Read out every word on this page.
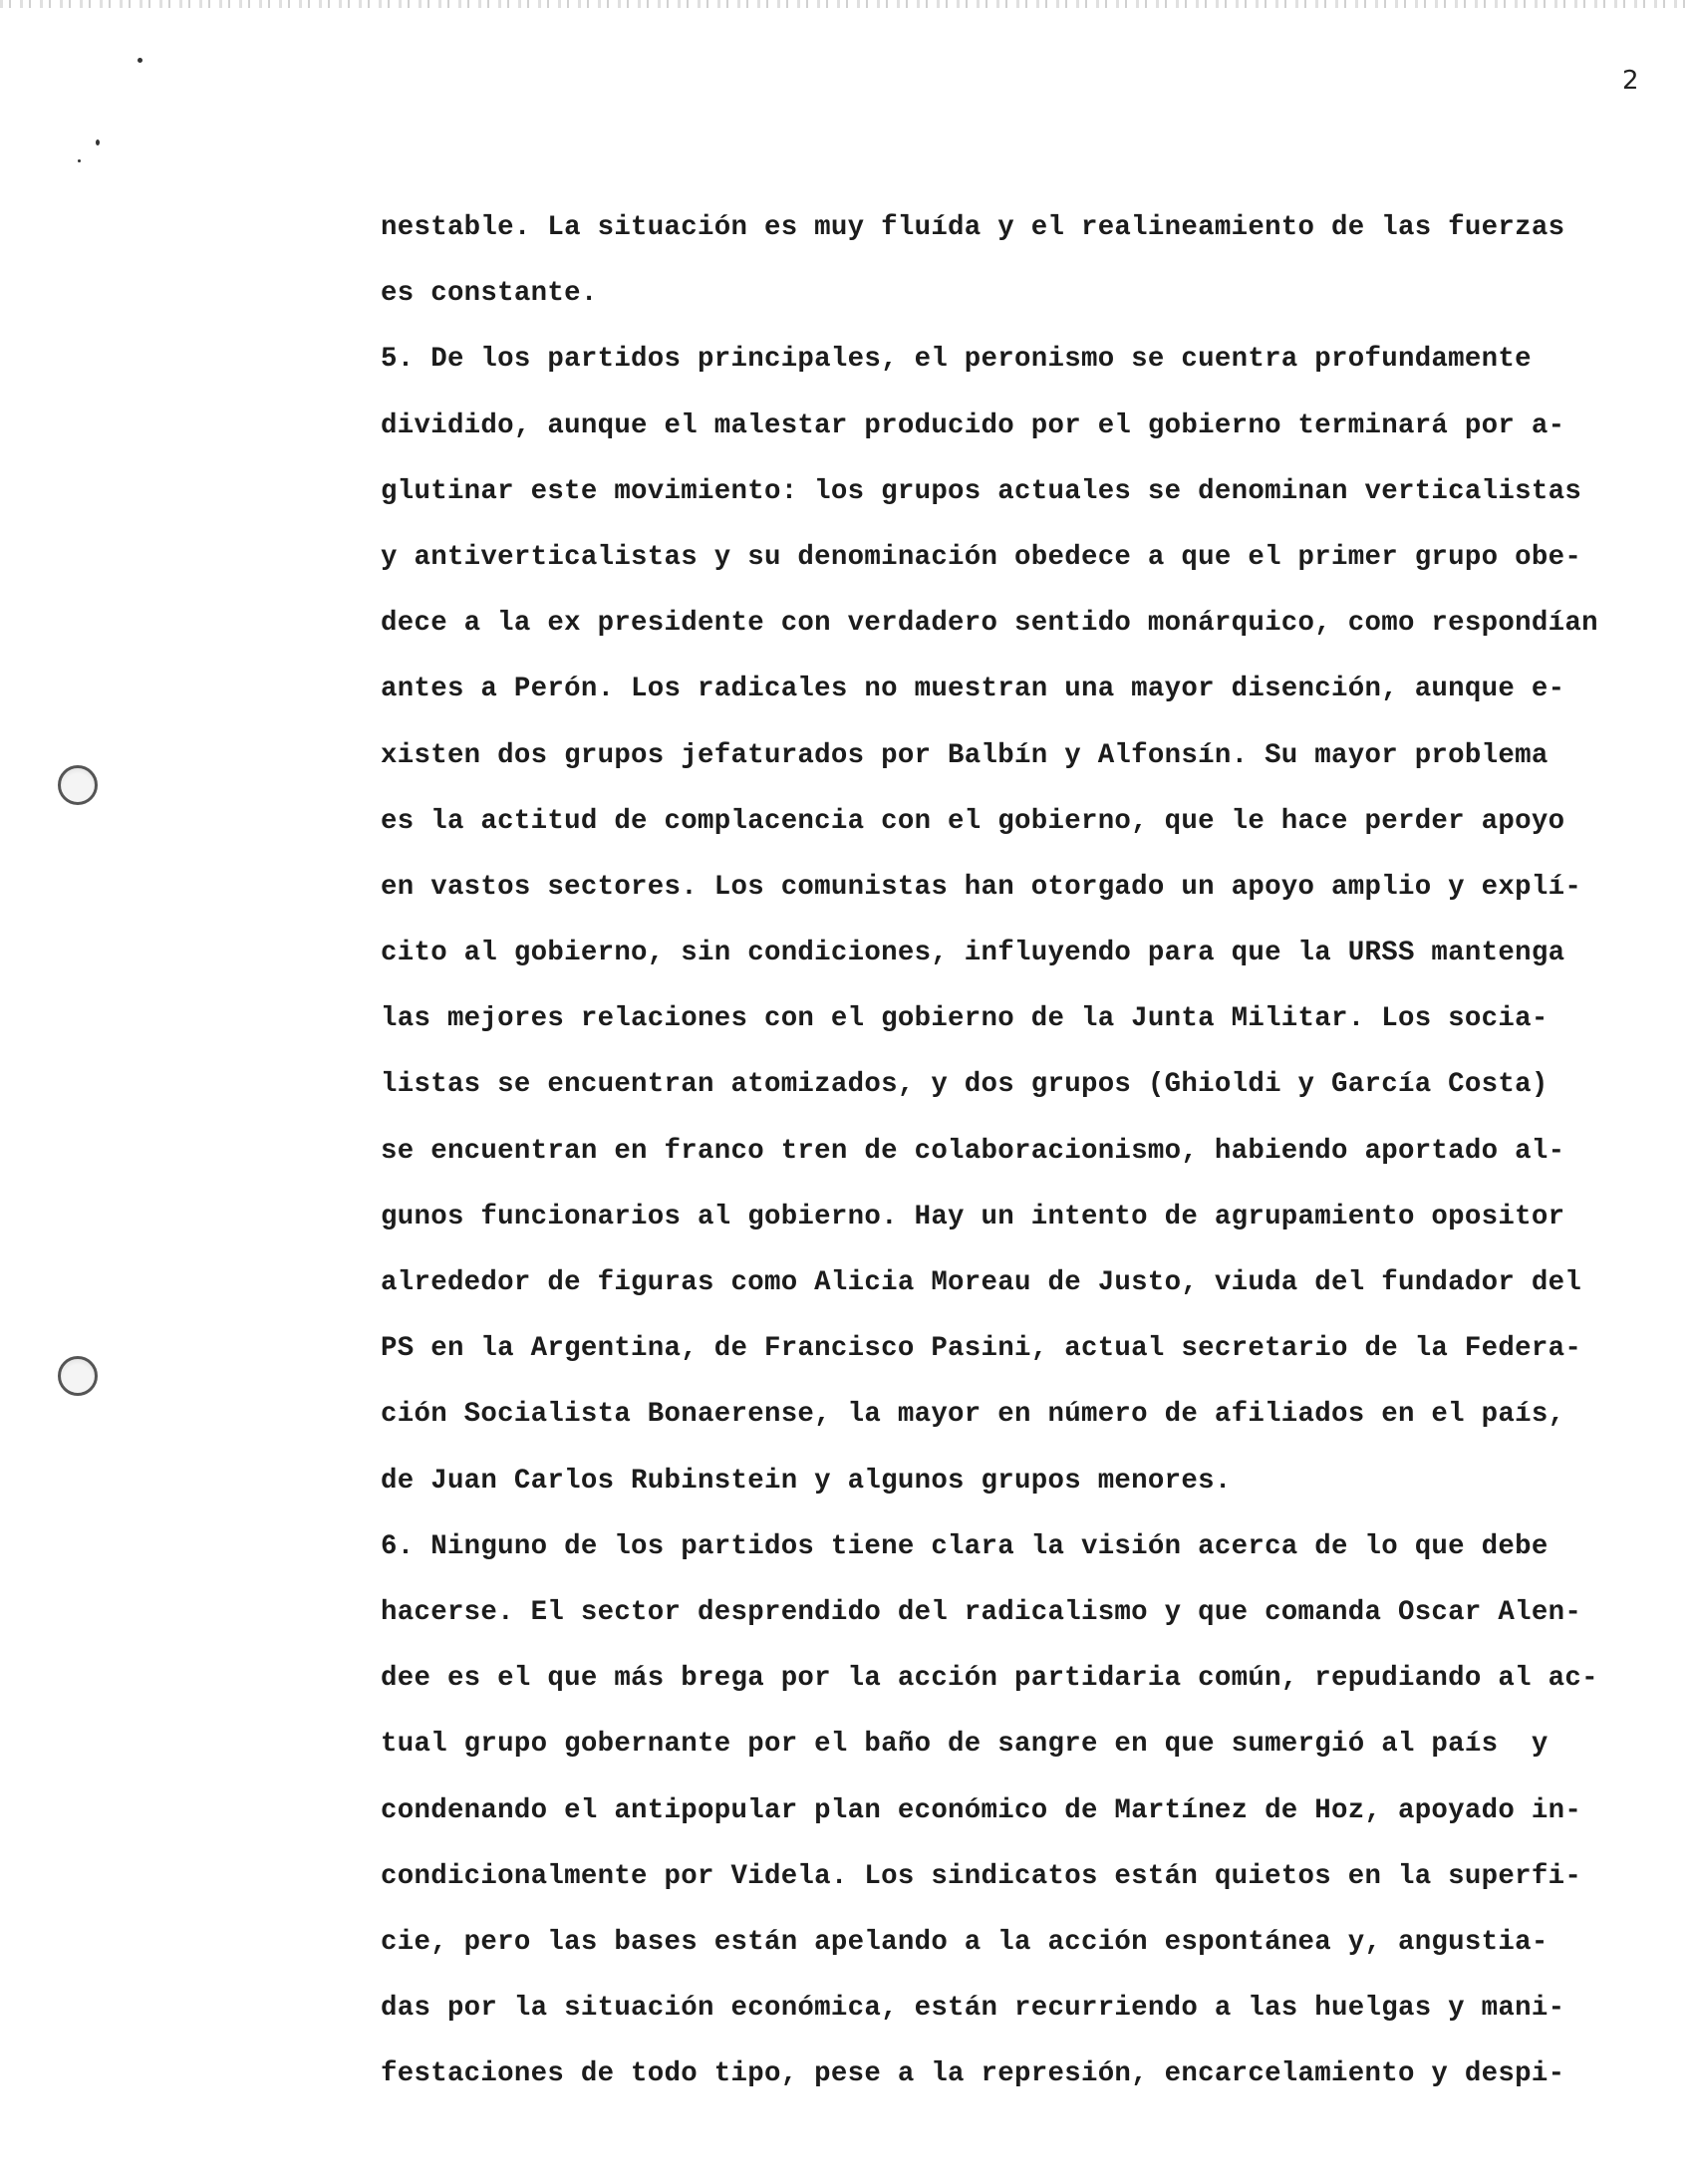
2
nestable. La situación es muy fluída y el realineamiento de las fuerzas
es constante.
5. De los partidos principales, el peronismo se cuentra profundamente
dividido, aunque el malestar producido por el gobierno terminará por a-
glutinar este movimiento: los grupos actuales se denominan verticalistas
y antiverticalistas y su denominación obedece a que el primer grupo obe-
dece a la ex presidente con verdadero sentido monárquico, como respondían
antes a Perón. Los radicales no muestran una mayor disención, aunque e-
xisten dos grupos jefaturados por Balbín y Alfonsín. Su mayor problema
es la actitud de complacencia con el gobierno, que le hace perder apoyo
en vastos sectores. Los comunistas han otorgado un apoyo amplio y explí-
cito al gobierno, sin condiciones, influyendo para que la URSS mantenga
las mejores relaciones con el gobierno de la Junta Militar. Los socia-
listas se encuentran atomizados, y dos grupos (Ghioldi y García Costa)
se encuentran en franco tren de colaboracionismo, habiendo aportado al-
gunos funcionarios al gobierno. Hay un intento de agrupamiento opositor
alrededor de figuras como Alicia Moreau de Justo, viuda del fundador del
PS en la Argentina, de Francisco Pasini, actual secretario de la Federa-
ción Socialista Bonaerense, la mayor en número de afiliados en el país,
de Juan Carlos Rubinstein y algunos grupos menores.
6. Ninguno de los partidos tiene clara la visión acerca de lo que debe
hacerse. El sector desprendido del radicalismo y que comanda Oscar Alen-
dee es el que más brega por la acción partidaria común, repudiando al ac-
tual grupo gobernante por el baño de sangre en que sumergió al país  y
condenando el antipopular plan económico de Martínez de Hoz, apoyado in-
condicionalmente por Videla. Los sindicatos están quietos en la superfi-
cie, pero las bases están apelando a la acción espontánea y, angustia-
das por la situación económica, están recurriendo a las huelgas y mani-
festaciones de todo tipo, pese a la represión, encarcelamiento y despi-
